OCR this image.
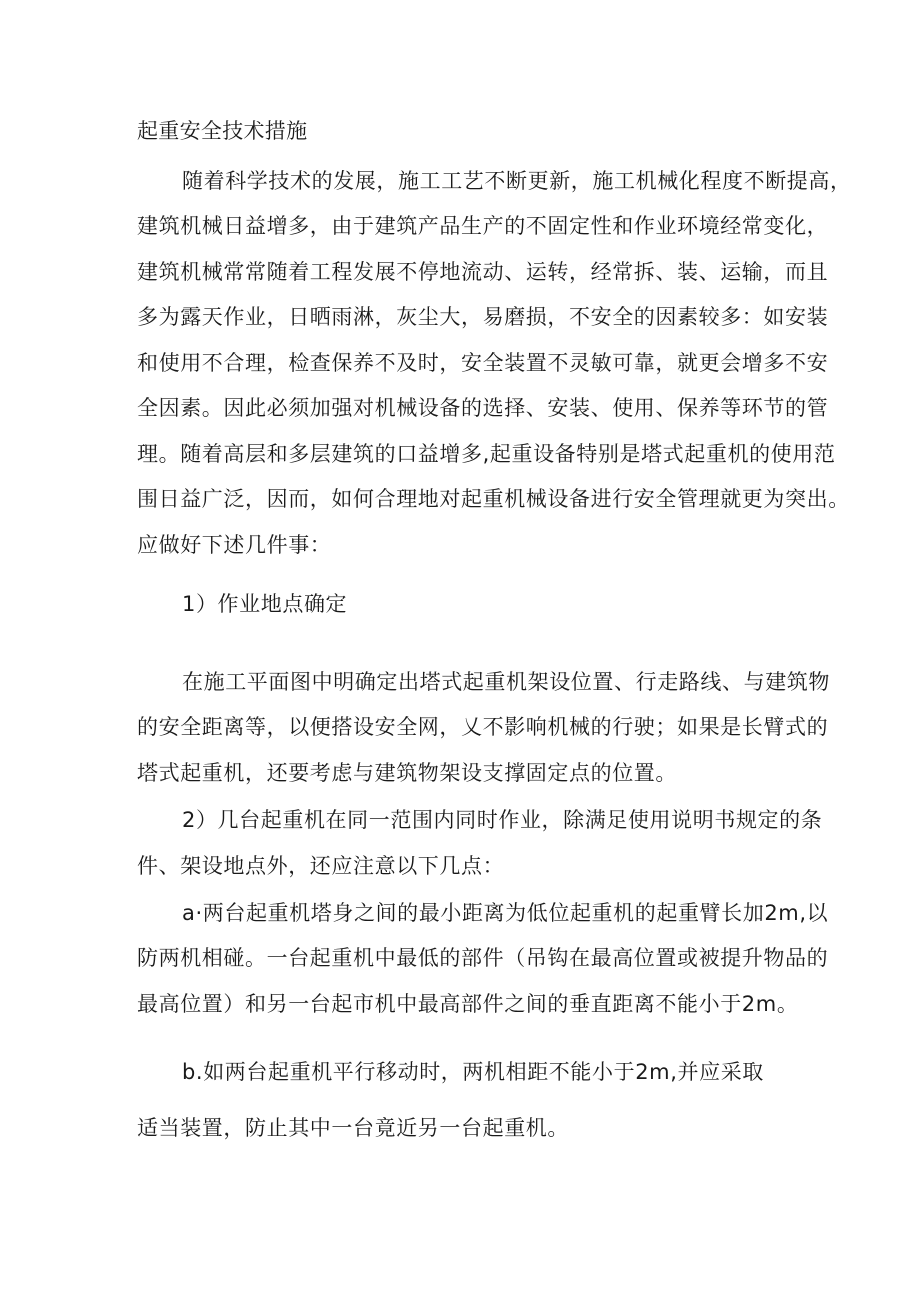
起重安全技术措施
随着科学技术的发展，施工工艺不断更新，施工机械化程度不断提高，
建筑机械日益增多，由于建筑产品生产的不固定性和作业环境经常变化，
建筑机械常常随着工程发展不停地流动、运转，经常拆、装、运输，而且
多为露天作业，日晒雨淋，灰尘大，易磨损，不安全的因素较多：如安装
和使用不合理，检查保养不及时，安全装置不灵敏可靠，就更会增多不安
全因素。因此必须加强对机械设备的选择、安装、使用、保养等环节的管
理。随着高层和多层建筑的口益增多,起重设备特别是塔式起重机的使用范
围日益广泛，因而，如何合理地对起重机械设备进行安全管理就更为突出。
应做好下述几件事：
1）作业地点确定
在施工平面图中明确定出塔式起重机架设位置、行走路线、与建筑物
的安全距离等，以便搭设安全网，乂不影响机械的行驶；如果是长臂式的
塔式起重机，还要考虑与建筑物架设支撑固定点的位置。
2）几台起重机在同一范围内同时作业，除满足使用说明书规定的条
件、架设地点外，还应注意以下几点：
a·两台起重机塔身之间的最小距离为低位起重机的起重臂长加2m,以
防两机相碰。一台起重机中最低的部件（吊钩在最高位置或被提升物品的
最高位置）和另一台起市机中最高部件之间的垂直距离不能小于2m。
b.如两台起重机平行移动时，两机相距不能小于2m,并应采取
适当装置，防止其中一台竟近另一台起重机。
